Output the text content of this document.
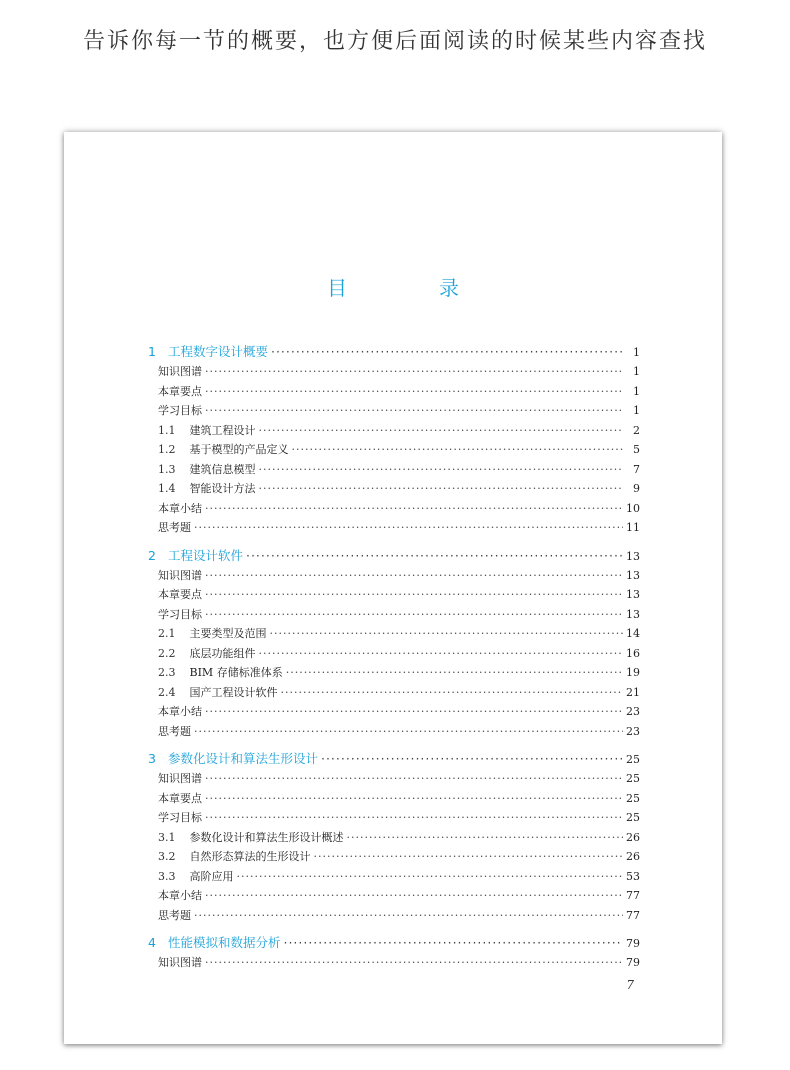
告诉你每一节的概要，也方便后面阅读的时候某些内容查找
目　录
1 工程数字设计概要 ·····	1
知识图谱 ·····	1
本章要点 ·····	1
学习目标 ·····	1
1.1 建筑工程设计 ·····	2
1.2 基于模型的产品定义 ·····	5
1.3 建筑信息模型 ·····	7
1.4 智能设计方法 ·····	9
本章小结 ·····	10
思考题 ·····	11
2 工程设计软件 ·····	13
知识图谱 ·····	13
本章要点 ·····	13
学习目标 ·····	13
2.1 主要类型及范围 ·····	14
2.2 底层功能组件 ·····	16
2.3 BIM 存储标准体系 ·····	19
2.4 国产工程设计软件 ·····	21
本章小结 ·····	23
思考题 ·····	23
3 参数化设计和算法生形设计 ·····	25
知识图谱 ·····	25
本章要点 ·····	25
学习目标 ·····	25
3.1 参数化设计和算法生形设计概述 ·····	26
3.2 自然形态算法的生形设计 ·····	26
3.3 高阶应用 ·····	53
本章小结 ·····	77
思考题 ·····	77
4 性能模拟和数据分析 ·····	79
知识图谱 ·····	79
7
